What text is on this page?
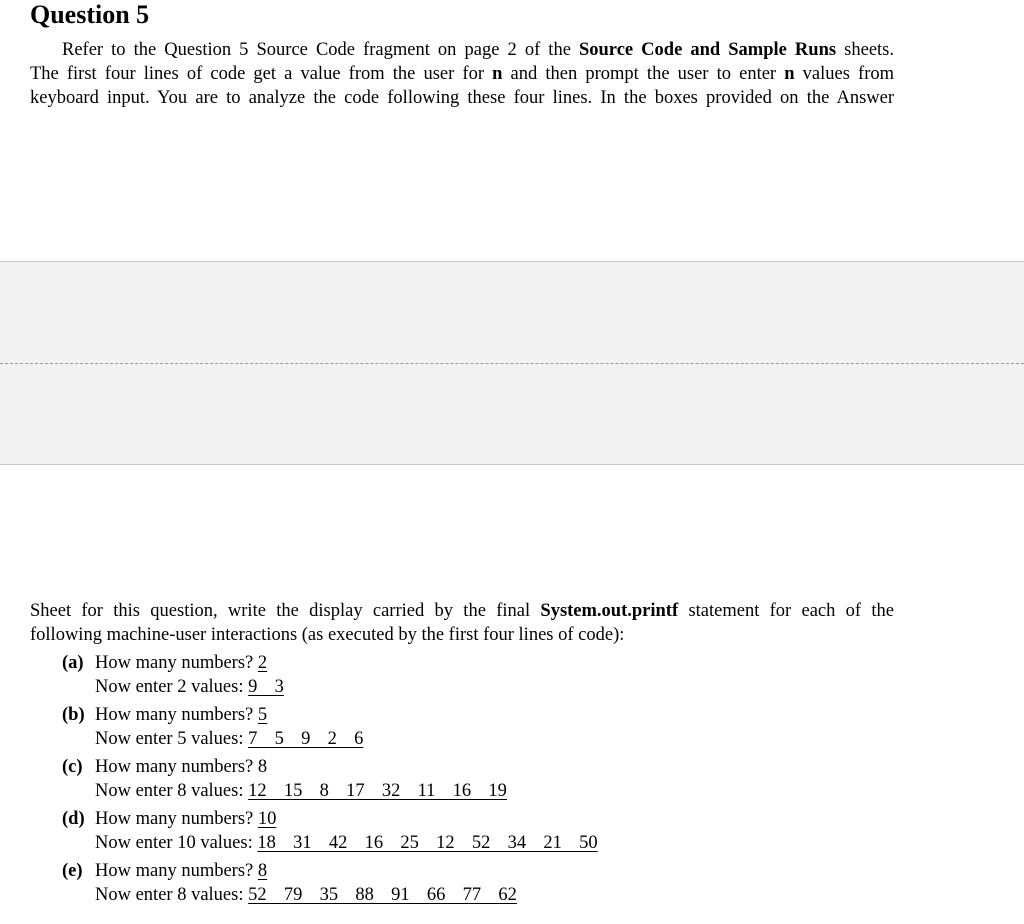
Question 5
Refer to the Question 5 Source Code fragment on page 2 of the Source Code and Sample Runs sheets.
The first four lines of code get a value from the user for n and then prompt the user to enter n values from
keyboard input. You are to analyze the code following these four lines. In the boxes provided on the Answer
Sheet for this question, write the display carried by the final System.out.printf statement for each of the
following machine-user interactions (as executed by the first four lines of code):
(a) How many numbers? 2
Now enter 2 values: 9  3
(b) How many numbers? 5
Now enter 5 values: 7  5  9  2  6
(c) How many numbers? 8
Now enter 8 values: 12  15  8  17  32  11  16  19
(d) How many numbers? 10
Now enter 10 values: 18  31  42  16  25  12  52  34  21  50
(e) How many numbers? 8
Now enter 8 values: 52  79  35  88  91  66  77  62
